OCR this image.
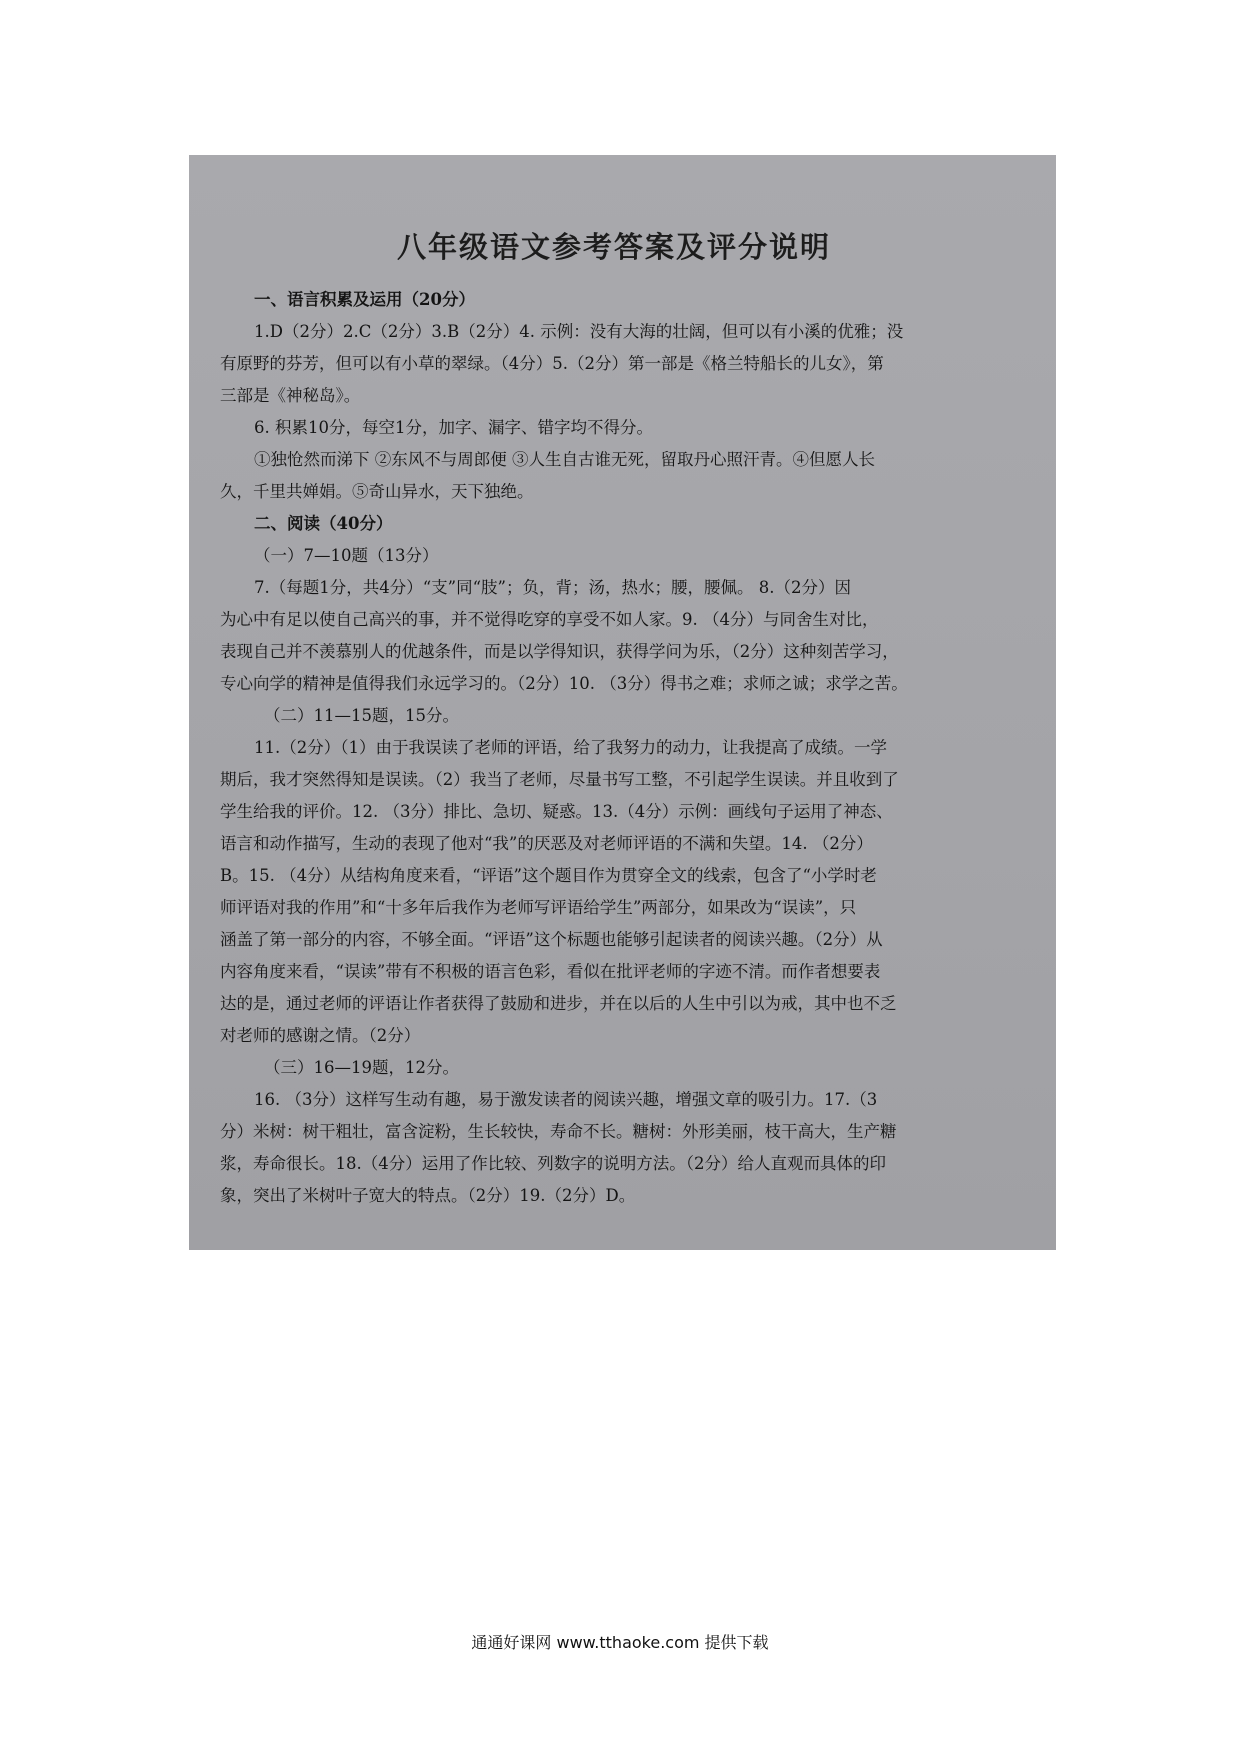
八年级语文参考答案及评分说明
一、语言积累及运用（20分）
1.D（2分）2.C（2分）3.B（2分）4. 示例：没有大海的壮阔，但可以有小溪的优雅；没
有原野的芬芳，但可以有小草的翠绿。（4分）5.（2分）第一部是《格兰特船长的儿女》，第
三部是《神秘岛》。
6. 积累10分，每空1分，加字、漏字、错字均不得分。
①独怆然而涕下 ②东风不与周郎便 ③人生自古谁无死，留取丹心照汗青。④但愿人长
久，千里共婵娟。⑤奇山异水，天下独绝。
二、阅读（40分）
（一）7—10题（13分）
7.（每题1分，共4分）“支”同“肢”；负，背；汤，热水；腰，腰佩。 8.（2分）因
为心中有足以使自己高兴的事，并不觉得吃穿的享受不如人家。9. （4分）与同舍生对比，
表现自己并不羡慕别人的优越条件，而是以学得知识，获得学问为乐，（2分）这种刻苦学习，
专心向学的精神是值得我们永远学习的。（2分）10. （3分）得书之难；求师之诚；求学之苦。
（二）11—15题，15分。
11.（2分）（1）由于我误读了老师的评语，给了我努力的动力，让我提高了成绩。一学
期后，我才突然得知是误读。（2）我当了老师，尽量书写工整，不引起学生误读。并且收到了
学生给我的评价。12. （3分）排比、急切、疑惑。13.（4分）示例：画线句子运用了神态、
语言和动作描写，生动的表现了他对“我”的厌恶及对老师评语的不满和失望。14. （2分）
B。15. （4分）从结构角度来看，“评语”这个题目作为贯穿全文的线索，包含了“小学时老
师评语对我的作用”和“十多年后我作为老师写评语给学生”两部分，如果改为“误读”，只
涵盖了第一部分的内容，不够全面。“评语”这个标题也能够引起读者的阅读兴趣。（2分）从
内容角度来看，“误读”带有不积极的语言色彩，看似在批评老师的字迹不清。而作者想要表
达的是，通过老师的评语让作者获得了鼓励和进步，并在以后的人生中引以为戒，其中也不乏
对老师的感谢之情。（2分）
（三）16—19题，12分。
16. （3分）这样写生动有趣，易于激发读者的阅读兴趣，增强文章的吸引力。17.（3
分）米树：树干粗壮，富含淀粉，生长较快，寿命不长。糖树：外形美丽，枝干高大，生产糖
浆，寿命很长。18.（4分）运用了作比较、列数字的说明方法。（2分）给人直观而具体的印
象，突出了米树叶子宽大的特点。（2分）19.（2分）D。
通通好课网 www.tthaoke.com 提供下载
